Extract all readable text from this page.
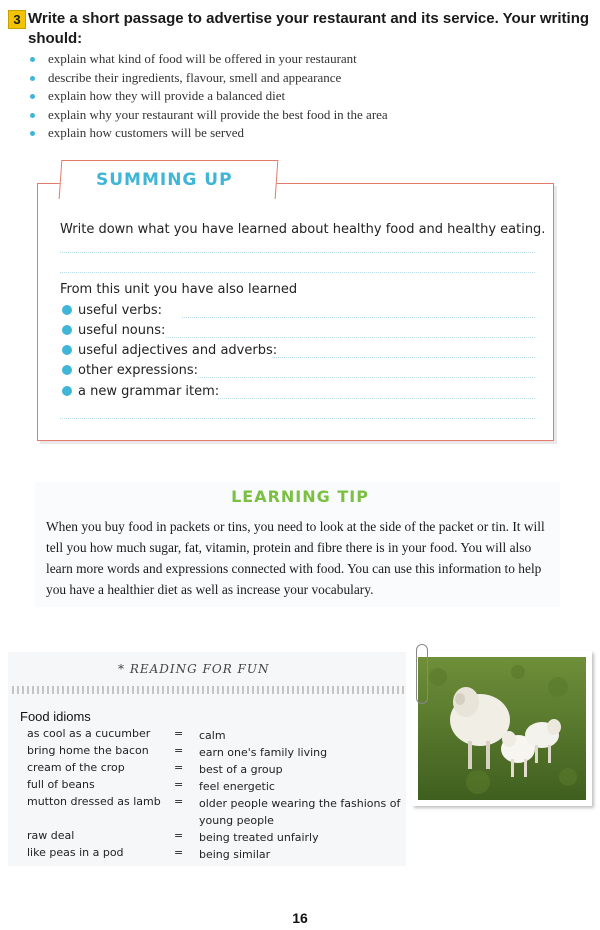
3 Write a short passage to advertise your restaurant and its service. Your writing should:
explain what kind of food will be offered in your restaurant
describe their ingredients, flavour, smell and appearance
explain how they will provide a balanced diet
explain why your restaurant will provide the best food in the area
explain how customers will be served
SUMMING UP
Write down what you have learned about healthy food and healthy eating.
From this unit you have also learned
useful verbs:
useful nouns:
useful adjectives and adverbs:
other expressions:
a new grammar item:
LEARNING TIP
When you buy food in packets or tins, you need to look at the side of the packet or tin. It will tell you how much sugar, fat, vitamin, protein and fibre there is in your food. You will also learn more words and expressions connected with food. You can use this information to help you have a healthier diet as well as increase your vocabulary.
* READING FOR FUN
Food idioms
as cool as a cucumber = calm
bring home the bacon = earn one's family living
cream of the crop	= best of a group
full of beans	= feel energetic
mutton dressed as lamb = older people wearing the fashions of young people
raw deal	= being treated unfairly
like peas in a pod	= being similar
16
